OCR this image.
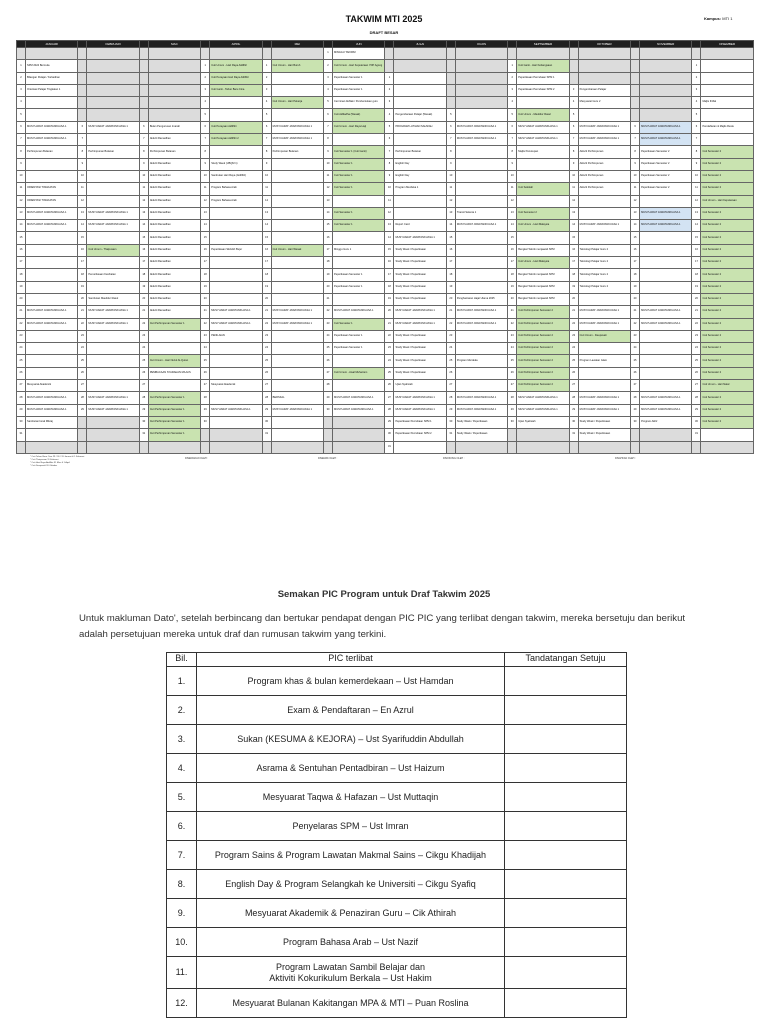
TAKWIM MTI 2025	Kampus: MTI 1
DRAFT BESAR
	JANUARI		FEBRUARI		MAC		APRIL		MEI		JUN		JULAI		OGOS		SEPTEMBER		OKTOBER		NOVEMBER		DISEMBER
										1	MINGGU TAKWIM												
1	SPM 2024 Bermula					1	Cuti Umum - Hari Raya Aidilfitri	1	Cuti Umum - Hari Buruh	2	Cuti Umum - Hari Keputeraan YDP Agong					1	Cuti Ganti - Hari Kebangsaan					1	
2	Bilangan Pelajar / Kehadiran					2	Cuti Perayaan Hari Raya Aidilfitri	2		3	Peperiksaan Semester 1	1				2	Peperiksaan Percubaan SPM 1					2	
3	Orientasi Pelajar Tingkatan 1					3	Cuti Ganti - Tahun Baru Cina	3		4	Peperiksaan Semester 1	2				3	Peperiksaan Percubaan SPM 2	3	Pengembaraan Pelajar			3	
4						4		4	Cuti Umum - Hari Pekerja	5	Cerminan Akhlak / Pembentukan guru	3				4		4	Mesyuarat Guru 2			4	Majlis Ihtifal
5						5		5		6	Cuti Aidiladha (Wesak)	4	Pengembaraan Pelajar (Wesak)	5		5	Cuti Umum - Maulidur Rasul	5				5	
6	MUSYUARAT JAWATANKUASA 1	6	MUSYUARAT JAWATANKUASA 1	6	Bulan Pengurusan Imarah	6	Cuti Perayaan Aidilfitri	6	MUSYUARAT JAWATANKUASA 1	7	Cuti Umum - Hari Raya Haji	5	PROGRAM LATIHAN SAHSIAH	6	MUSYUARAT JAWATANKUASA 1	6	MUSYUARAT JAWATANKUASA 1	6	MUSYUARAT JAWATANKUASA 1	6	MUSYUARAT JAWATANKUASA 1	6	Pendaftaran & Majlis Restu
7	MUSYUARAT JAWATANKUASA 1	7		7	Aktiviti Ramadhan	7	Cuti Perayaan Aidilfitri 2	7	MUSYUARAT JAWATANKUASA 1	8		6		7	MUSYUARAT JAWATANKUASA 1	7	MUSYUARAT JAWATANKUASA 1	7	MUSYUARAT JAWATANKUASA 1	7	MUSYUARAT JAWATANKUASA 1	7	
8	Perhimpunan Bulanan	8	Perhimpunan Bulanan	8	Perhimpunan Bulanan	8		8	Perhimpunan Bulanan	9	Cuti Semester 1 (Cuti Ganti)	7	Perhimpunan Bulanan	8		8	Majlis Penutupan	8	Aktiviti Perhimpunan	8	Peperiksaan Semester 2	8	Cuti Semester 2
9		9		9	Aktiviti Ramadhan	9	Study Week (UBQM 1)	9		10	Cuti Semester 1	8	English Day	9		9		9	Aktiviti Perhimpunan	9	Peperiksaan Semester 2	9	Cuti Semester 2
10		10		10	Aktiviti Ramadhan	10	Sambutan Hari Raya (Aidilfitri)	10		11	Cuti Semester 1	9	English Day	10		10		10	Aktiviti Perhimpunan	10	Peperiksaan Semester 2	10	Cuti Semester 2
11	ORIENTASI TINGKATAN	11		11	Aktiviti Ramadhan	11	Program Bahasa Arab	11		12	Cuti Semester 1	10	Program Merdeka 1	11		11	Cuti Sekolah	11	Aktiviti Perhimpunan	11	Peperiksaan Semester 2	11	Cuti Semester 2
12	ORIENTASI TINGKATAN	12		12	Aktiviti Ramadhan	12	Program Bahasa Arab	12		13		11		12		12		12		12		12	Cuti Umum - Hari Keputeraan
13	MUSYUARAT JAWATANKUASA 1	13	MUSYUARAT JAWATANKUASA 1	13	Aktiviti Ramadhan	13		13		14	Cuti Semester 1	12		13	Transit Selenia 1	13	Cuti Semester 2	13		13	MUSYUARAT JAWATANKUASA 1	13	Cuti Semester 2
14	MUSYUARAT JAWATANKUASA 1	14	MUSYUARAT JAWATANKUASA 1	14	Aktiviti Ramadhan	14		14		15	Cuti Semester 1	13	Report Card	14	MUSYUARAT JAWATANKUASA 1	14	Cuti Umum - Hari Malaysia	14	MUSYUARAT JAWATANKUASA 1	14	MUSYUARAT JAWATANKUASA 1	14	Cuti Semester 2
15		15		15	Aktiviti Ramadhan	15		15		16		14	MUSYUARAT JAWATANKUASA 1	15		15		15		15		15	Cuti Semester 2
16		16	Cuti Umum - Thaipusam	16	Aktiviti Ramadhan	16	Peperiksaan SEGAK Bujur	16	Cuti Umum - Hari Wesak	17	Minggu Guru 1	15	Study Week / Peperiksaan	16		16	Bengkel Teknik menjawab SPM	16	Teknologi Pelajar Guru 2	16		16	Cuti Semester 2
17		17		17	Aktiviti Ramadhan	17		17		18		16	Study Week / Peperiksaan	17		17	Cuti Umum - Hari Malaysia	17	Teknologi Pelajar Guru 2	17		17	Cuti Semester 2
18		18	Pemeriksaan Kesihatan	18	Aktiviti Ramadhan	18		18		19	Peperiksaan Semester 1	17	Study Week / Peperiksaan	18		18	Bengkel Teknik menjawab SPM	18	Teknologi Pelajar Guru 2	18		18	Cuti Semester 2
19		19		19	Aktiviti Ramadhan	19		19		20	Peperiksaan Semester 1	18	Study Week / Peperiksaan	19		19	Bengkel Teknik menjawab SPM	19	Teknologi Pelajar Guru 2	19		19	Cuti Semester 2
20		20	Sambutan Maulidur Rasul	20	Aktiviti Ramadhan	20		20		21		19	Study Week / Peperiksaan	20	Penghantaran Hajat Ulama 2025	20	Bengkel Teknik menjawab SPM	20		20		20	Cuti Semester 2
21	MUSYUARAT JAWATANKUASA 1	21	MUSYUARAT JAWATANKUASA 1	21	Aktiviti Ramadhan	21	MUSYUARAT JAWATANKUASA 1	21	MUSYUARAT JAWATANKUASA 1	22	MUSYUARAT JAWATANKUASA 1	20	MUSYUARAT JAWATANKUASA 1	21	MUSYUARAT JAWATANKUASA 1	21	Cuti Perhimpunan Semester 2	21	MUSYUARAT JAWATANKUASA 1	21	MUSYUARAT JAWATANKUASA 1	21	Cuti Semester 2
22	MUSYUARAT JAWATANKUASA 1	22	MUSYUARAT JAWATANKUASA 1	22	Cuti Perhimpunan Semester 1	22	MUSYUARAT JAWATANKUASA 1	22	MUSYUARAT JAWATANKUASA 1	23	Cuti Semester 1	21	MUSYUARAT JAWATANKUASA 1	22	MUSYUARAT JAWATANKUASA 1	22	Cuti Perhimpunan Semester 2	22	MUSYUARAT JAWATANKUASA 1	22	MUSYUARAT JAWATANKUASA 1	22	Cuti Semester 2
23		23		23		23	PENILAIAN	23		24	Peperiksaan Semester 1	22	Study Week / Peperiksaan	23		23	Cuti Perhimpunan Semester 2	23	Cuti Umum - Deepavali	23		23	Cuti Semester 2
24		24		24		24		24		25	Peperiksaan Semester 1	23	Study Week / Peperiksaan	24		24	Cuti Perhimpunan Semester 2	24		24		24	Cuti Semester 2
25		25		25	Cuti Umum - Hari Nuzul Al-Quran	25		25		26		24	Study Week / Peperiksaan	25	Program Merdeka	25	Cuti Perhimpunan Semester 2	25	Program Lawatan Islam	25		25	Cuti Semester 2
26		26		26	PEMBACAAN SYARAHAN MAJLIS	26		26		27	Cuti Umum - Awal Muharram	25	Study Week / Peperiksaan	26		26	Cuti Perhimpunan Semester 2	26		26		26	Cuti Semester 2
27	Mesyuarat Akademik	27		27		27	Mesyuarat Akademik	27		28		26	Ujian Syahsiah	27		27	Cuti Perhimpunan Semester 2	27		27		27	Cuti Umum - Hari Natal
28	MUSYUARAT JAWATANKUASA 1	28	MUSYUARAT JAWATANKUASA 1	28	Cuti Perhimpunan Semester 1	28		28	BERSKAL	29	MUSYUARAT JAWATANKUASA 1	27	MUSYUARAT JAWATANKUASA 1	28	MUSYUARAT JAWATANKUASA 1	28	MUSYUARAT JAWATANKUASA 1	28	MUSYUARAT JAWATANKUASA 1	28	MUSYUARAT JAWATANKUASA 1	28	Cuti Semester 2
29	MUSYUARAT JAWATANKUASA 1	29	MUSYUARAT JAWATANKUASA 1	29	Cuti Perhimpunan Semester 1	29	MUSYUARAT JAWATANKUASA 1	29	MUSYUARAT JAWATANKUASA 1	30	MUSYUARAT JAWATANKUASA 1	28	MUSYUARAT JAWATANKUASA 1	29	MUSYUARAT JAWATANKUASA 1	29	MUSYUARAT JAWATANKUASA 1	29	MUSYUARAT JAWATANKUASA 1	29	MUSYUARAT JAWATANKUASA 1	29	Cuti Semester 2
30	Sambutan Israk Mikraj			30	Cuti Perhimpunan Semester 1	30		30				29	Peperiksaan Percubaan SPM 1	30	Study Week / Peperiksaan	30	Ujian Syahsiah	30	Study Week / Peperiksaan	30	Program Akhir	30	Cuti Semester 2
31				31	Cuti Perhimpunan Semester 1			31				30	Peperiksaan Percubaan SPM 2	31	Study Week / Peperiksaan			31	Study Week / Peperiksaan			31	
												31											
* Cuti Tahun Baru Cina 29 / 30 / 31 Januari & 1 Februari
* Cuti Thaipusam 11 Februari
* Cuti Hari Raya Aidilfitri 31 Mac & 1 April
* Cuti Deepavali 20 Oktober
DISEDIAKAN OLEH :	DISEMAK OLEH :	DISOKONG OLEH :	DISAHKAN OLEH :
Semakan PIC Program untuk Draf Takwim 2025
Untuk makluman Dato', setelah berbincang dan bertukar pendapat dengan PIC PIC yang terlibat dengan takwim, mereka bersetuju dan berikut adalah persetujuan mereka untuk draf dan rumusan takwim yang terkini.
Bil.	PIC terlibat	Tandatangan Setuju
1.	Program khas & bulan kemerdekaan – Ust Hamdan	
2.	Exam & Pendaftaran – En Azrul	
3.	Sukan (KESUMA & KEJORA) – Ust Syarifuddin Abdullah	
4.	Asrama & Sentuhan Pentadbiran – Ust Haizum	
5.	Mesyuarat Taqwa & Hafazan – Ust Muttaqin	
6.	Penyelaras SPM – Ust Imran	
7.	Program Sains & Program Lawatan Makmal Sains – Cikgu Khadijah	
8.	English Day & Program Selangkah ke Universiti – Cikgu Syafiq	
9.	Mesyuarat Akademik & Penaziran Guru – Cik Athirah	
10.	Program Bahasa Arab – Ust Nazif	
11.	Program Lawatan Sambil Belajar dan
Aktiviti Kokurikulum Berkala – Ust Hakim	
12.	Mesyuarat Bulanan Kakitangan MPA & MTI – Puan Roslina	
